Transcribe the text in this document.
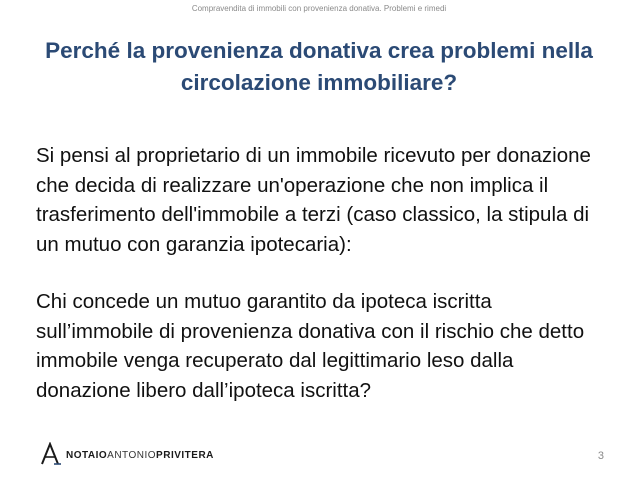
Compravendita di immobili con provenienza donativa. Problemi e rimedi
Perché la provenienza donativa crea problemi nella circolazione immobiliare?

Si pensi al proprietario di un immobile ricevuto per donazione che decida di realizzare un'operazione che non implica il trasferimento dell'immobile a terzi (caso classico, la stipula di un mutuo con garanzia ipotecaria):

Chi concede un mutuo garantito da ipoteca iscritta sull’immobile di provenienza donativa con il rischio che detto immobile venga recuperato dal legittimario leso dalla donazione libero dall’ipoteca iscritta?

NOTAIOANTONIOPRIVITERA	3
